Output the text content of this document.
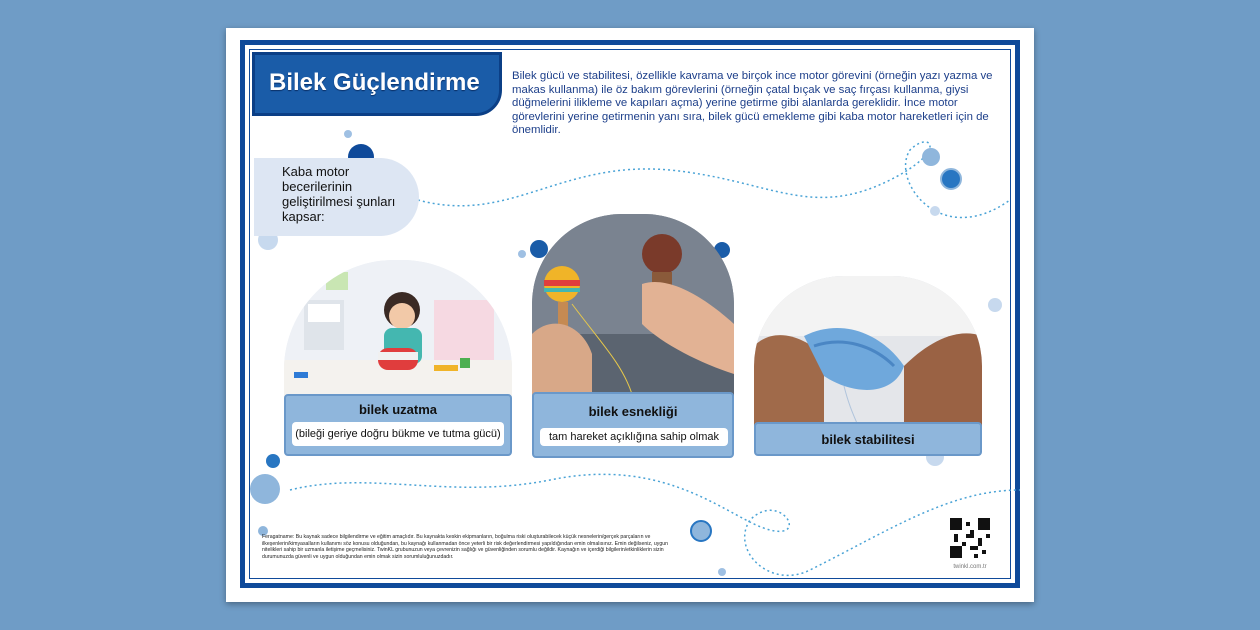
Bilek Güçlendirme	Bilek gücü ve stabilitesi, özellikle kavrama ve birçok ince motor görevini (örneğin yazı yazma ve makas kullanma) ile öz bakım görevlerini (örneğin çatal bıçak ve saç fırçası kullanma, giysi düğmelerini ilikleme ve kapıları açma) yerine getirme gibi alanlarda gereklidir. İnce motor görevlerini yerine getirmenin yanı sıra, bilek gücü emekleme gibi kaba motor hareketleri için de önemlidir.
Kaba motor becerilerinin geliştirilmesi şunları kapsar:
bilek uzatma
(bileği geriye doğru bükme ve tutma gücü)
bilek esnekliği
tam hareket açıklığına sahip olmak	bilek stabilitesi
Feragatname: Bu kaynak sadece bilgilendirme ve eğitim amaçlıdır. Bu kaynakta keskin ekipmanların, boğulma riski oluşturabilecek küçük nesnelerin/gerçek parçaların ve ilkeşenlerin/kimyasalların kullanımı söz konusu olduğundan, bu kaynağı kullanmadan önce yeterli bir risk değerlendirmesi yapıldığından emin olmalısınız. Emin değilseniz, uygun nitelikleri sahip bir uzmanla iletişime geçmelisiniz. TwinKL grubunuzun veya çevrenizin sağlığı ve güvenliğinden sorumlu değildir. Kaynağın ve içerdiği bilgilerin/etkinliklerin sizin durumunuzda güvenli ve uygun olduğundan emin olmak sizin sorumluluğunuzdadır.
twinkl.com.tr
